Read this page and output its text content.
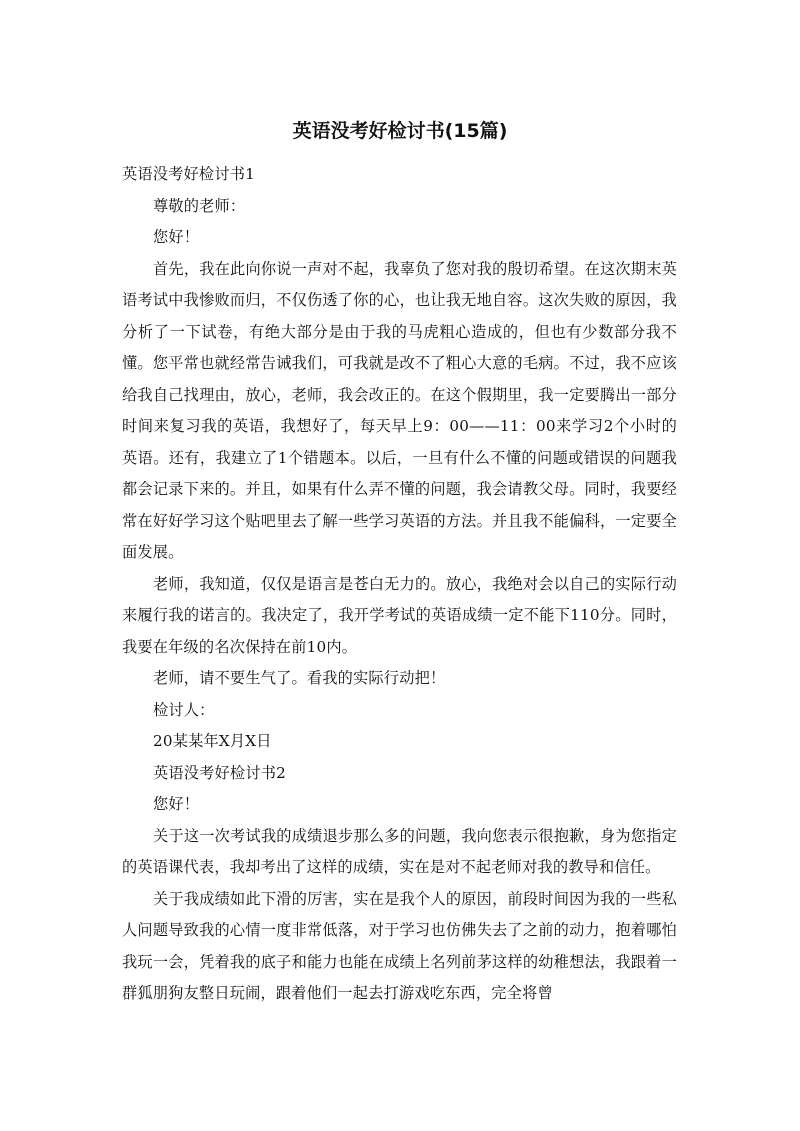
英语没考好检讨书(15篇)

英语没考好检讨书1

尊敬的老师：

您好！

首先，我在此向你说一声对不起，我辜负了您对我的殷切希望。在这次期末英语考试中我惨败而归，不仅伤透了你的心，也让我无地自容。这次失败的原因，我分析了一下试卷，有绝大部分是由于我的马虎粗心造成的，但也有少数部分我不懂。您平常也就经常告诫我们，可我就是改不了粗心大意的毛病。不过，我不应该给我自己找理由，放心，老师，我会改正的。在这个假期里，我一定要腾出一部分时间来复习我的英语，我想好了，每天早上9：00——11：00来学习2个小时的英语。还有，我建立了1个错题本。以后，一旦有什么不懂的问题或错误的问题我都会记录下来的。并且，如果有什么弄不懂的问题，我会请教父母。同时，我要经常在好好学习这个贴吧里去了解一些学习英语的方法。并且我不能偏科，一定要全面发展。

老师，我知道，仅仅是语言是苍白无力的。放心，我绝对会以自己的实际行动来履行我的诺言的。我决定了，我开学考试的英语成绩一定不能下110分。同时，我要在年级的名次保持在前10内。

老师，请不要生气了。看我的实际行动把！

检讨人：

20某某年X月X日

英语没考好检讨书2

您好！

关于这一次考试我的成绩退步那么多的问题，我向您表示很抱歉，身为您指定的英语课代表，我却考出了这样的成绩，实在是对不起老师对我的教导和信任。

关于我成绩如此下滑的厉害，实在是我个人的原因，前段时间因为我的一些私人问题导致我的心情一度非常低落，对于学习也仿佛失去了之前的动力，抱着哪怕我玩一会，凭着我的底子和能力也能在成绩上名列前茅这样的幼稚想法，我跟着一群狐朋狗友整日玩闹，跟着他们一起去打游戏吃东西，完全将曾
